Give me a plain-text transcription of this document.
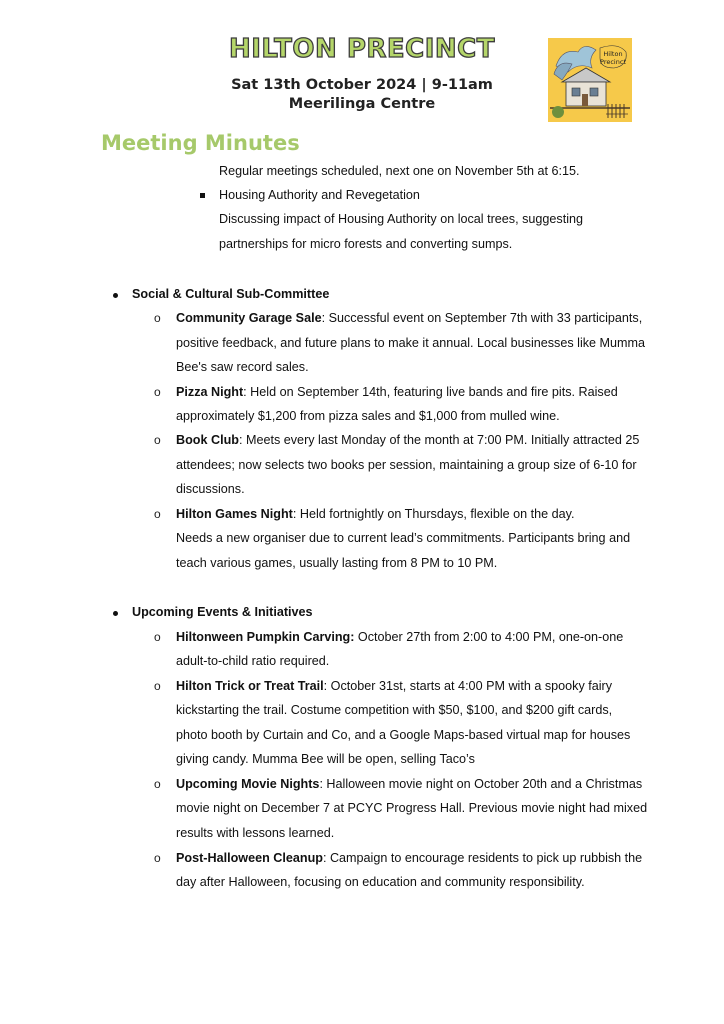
HILTON PRECINCT
Sat 13th October 2024 | 9-11am
Meerilinga Centre
Hilton
Precinct
Meeting Minutes
Regular meetings scheduled, next one on November 5th at 6:15.
Housing Authority and Revegetation
Discussing impact of Housing Authority on local trees, suggesting
partnerships for micro forests and converting sumps.
Social & Cultural Sub-Committee
o Community Garage Sale: Successful event on September 7th with 33 participants,
positive feedback, and future plans to make it annual. Local businesses like Mumma
Bee's saw record sales.
o Pizza Night: Held on September 14th, featuring live bands and fire pits. Raised
approximately $1,200 from pizza sales and $1,000 from mulled wine.
o Book Club: Meets every last Monday of the month at 7:00 PM. Initially attracted 25
attendees; now selects two books per session, maintaining a group size of 6-10 for
discussions.
o Hilton Games Night: Held fortnightly on Thursdays, flexible on the day.
Needs a new organiser due to current lead’s commitments. Participants bring and
teach various games, usually lasting from 8 PM to 10 PM.
Upcoming Events & Initiatives
o Hiltonween Pumpkin Carving: October 27th from 2:00 to 4:00 PM, one-on-one
adult-to-child ratio required.
o Hilton Trick or Treat Trail: October 31st, starts at 4:00 PM with a spooky fairy
kickstarting the trail. Costume competition with $50, $100, and $200 gift cards,
photo booth by Curtain and Co, and a Google Maps-based virtual map for houses
giving candy. Mumma Bee will be open, selling Taco’s
o Upcoming Movie Nights: Halloween movie night on October 20th and a Christmas
movie night on December 7 at PCYC Progress Hall. Previous movie night had mixed
results with lessons learned.
o Post-Halloween Cleanup: Campaign to encourage residents to pick up rubbish the
day after Halloween, focusing on education and community responsibility.
